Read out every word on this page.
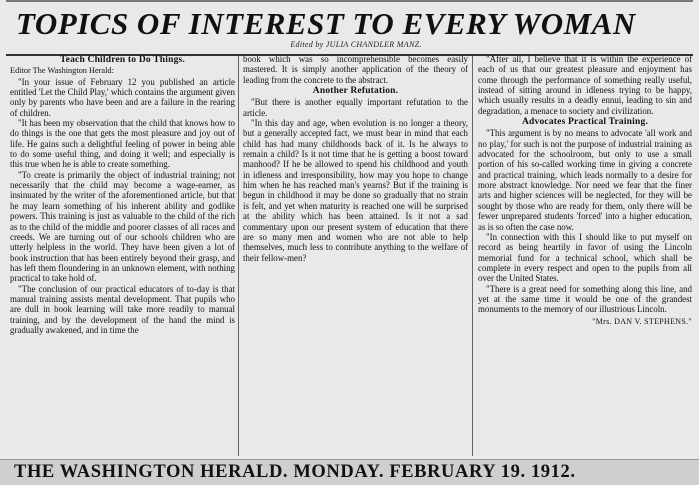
TOPICS OF INTEREST TO EVERY WOMAN
Edited by JULIA CHANDLER MANZ.
Teach Children to Do Things.

Editor The Washington Herald:

"In your issue of February 12 you published an article entitled 'Let the Child Play,' which contains the argument given only by parents who have been and are a failure in the rearing of children.

"It has been my observation that the child that knows how to do things is the one that gets the most pleasure and joy out of life. He gains such a delightful feeling of power in being able to do some useful thing, and doing it well; and especially is this true when he is able to create something.

"To create is primarily the object of industrial training; not necessarily that the child may become a wage-earner, as insinuated by the writer of the aforementioned article, but that he may learn something of his inherent ability and godlike powers. This training is just as valuable to the child of the rich as to the child of the middle and poorer classes of all races and creeds. We are turning out of our schools children who are utterly helpless in the world. They have been given a lot of book instruction that has been entirely beyond their grasp, and has left them floundering in an unknown element, with nothing practical to take hold of.

"The conclusion of our practical educators of to-day is that manual training assists mental development. That pupils who are dull in book learning will take more readily to manual training, and by the development of the hand the mind is gradually awakened, and in time the

book which was so incomprehensible becomes easily mastered. It is simply another application of the theory of leading from the concrete to the abstract.

Another Refutation.

"But there is another equally important refutation to the article.

"In this day and age, when evolution is no longer a theory, but a generally accepted fact, we must bear in mind that each child has had many childhoods back of it. Is he always to remain a child? Is it not time that he is getting a boost toward manhood? If he be allowed to spend his childhood and youth in idleness and irresponsibility, how may you hope to change him when he has reached man's yearns? But if the training is begun in childhood it may be done so gradually that no strain is felt, and yet when maturity is reached one will be surprised at the ability which has been attained. Is it not a sad commentary upon our present system of education that there are so many men and women who are not able to help themselves, much less to contribute anything to the welfare of their fellow-men?

"After all, I believe that it is within the experience of each of us that our greatest pleasure and enjoyment has come through the performance of something really useful, instead of sitting around in idleness trying to be happy, which usually results in a deadly ennui, leading to sin and degradation, a menace to society and civilization.

Advocates Practical Training.

"This argument is by no means to advocate 'all work and no play,' for such is not the purpose of industrial training as advocated for the schoolroom, but only to use a small portion of his so-called working time in giving a concrete and practical training, which leads normally to a desire for more abstract knowledge. Nor need we fear that the finer arts and higher sciences will be neglected, for they will be sought by those who are ready for them, only there will be fewer unprepared students 'forced' into a higher education, as is so often the case now.

"In connection with this I should like to put myself on record as being heartily in favor of using the Lincoln memorial fund for a technical school, which shall be complete in every respect and open to the pupils from all over the United States.

"There is a great need for something along this line, and yet at the same time it would be one of the grandest monuments to the memory of our illustrious Lincoln.

"Mrs. DAN V. STEPHENS."
THE WASHINGTON HERALD. MONDAY. FEBRUARY 19. 1912.
